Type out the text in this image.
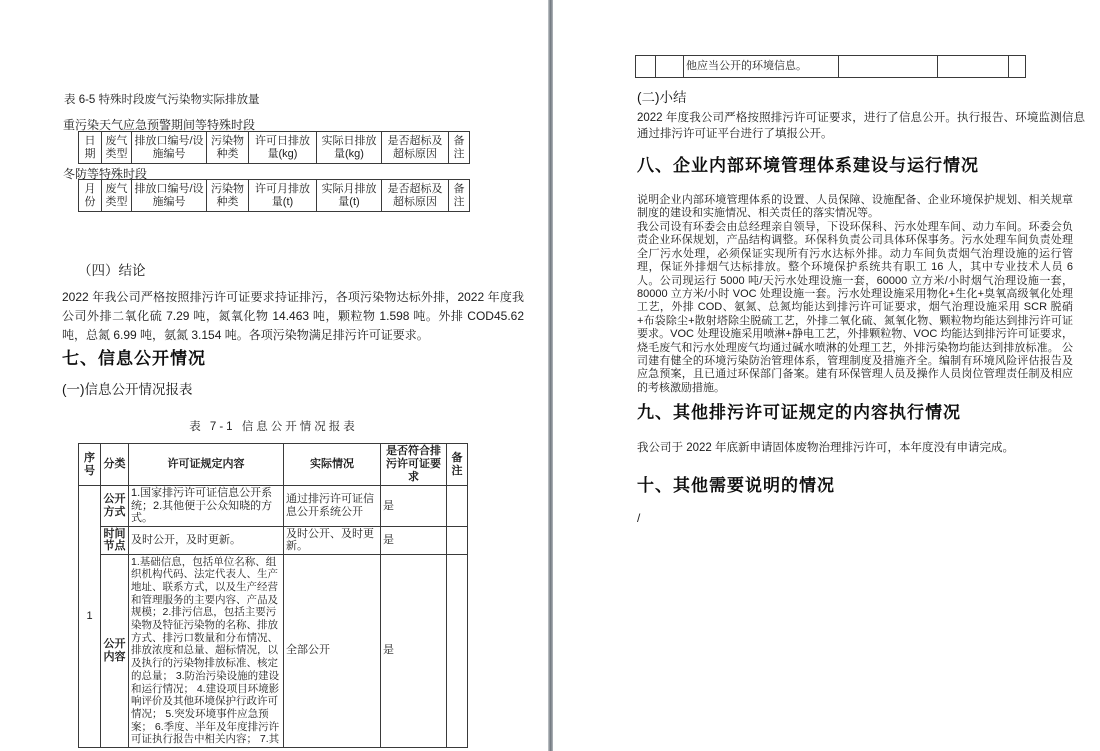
表 6-5 特殊时段废气污染物实际排放量
重污染天气应急预警期间等特殊时段
日期	废气类型	排放口编号/设施编号	污染物种类	许可日排放量(kg)	实际日排放量(kg)	是否超标及超标原因	备注
冬防等特殊时段
月份	废气类型	排放口编号/设施编号	污染物种类	许可月排放量(t)	实际月排放量(t)	是否超标及超标原因	备注
（四）结论
2022 年我公司严格按照排污许可证要求持证排污，各项污染物达标外排，2022 年度我公司外排二氧化硫 7.29 吨，氮氧化物 14.463 吨，颗粒物 1.598 吨。外排 COD45.62 吨，总氮 6.99 吨，氨氮 3.154 吨。各项污染物满足排污许可证要求。
七、信息公开情况
(一)信息公开情况报表
表 7-1 信息公开情况报表
序号	分类	许可证规定内容	实际情况	是否符合排污许可证要求	备注
1	公开方式	1.国家排污许可证信息公开系统；2.其他便于公众知晓的方式。	通过排污许可证信息公开系统公开	是	
	时间节点	及时公开，及时更新。	及时公开、及时更新。	是	
	公开内容	1.基础信息，包括单位名称、组织机构代码、法定代表人、生产地址、联系方式，以及生产经营和管理服务的主要内容、产品及规模；2.排污信息，包括主要污染物及特征污染物的名称、排放方式、排污口数量和分布情况、排放浓度和总量、超标情况，以及执行的污染物排放标准、核定的总量； 3.防治污染设施的建设和运行情况； 4.建设项目环境影响评价及其他环境保护行政许可情况； 5.突发环境事件应急预案； 6.季度、半年及年度排污许可证执行报告中相关内容； 7.其	全部公开	是	
		他应当公开的环境信息。			
(二)小结
2022 年度我公司严格按照排污许可证要求，进行了信息公开。执行报告、环境监测信息通过排污许可证平台进行了填报公开。
八、企业内部环境管理体系建设与运行情况
说明企业内部环境管理体系的设置、人员保障、设施配备、企业环境保护规划、相关规章制度的建设和实施情况、相关责任的落实情况等。
我公司设有环委会由总经理亲自领导，下设环保科、污水处理车间、动力车间。环委会负责企业环保规划，产品结构调整。环保科负责公司具体环保事务。污水处理车间负责处理全厂污水处理，必须保证实现所有污水达标外排。动力车间负责烟气治理设施的运行管理，保证外排烟气达标排放。整个环境保护系统共有职工 16 人，其中专业技术人员 6 人。公司现运行 5000 吨/天污水处理设施一套，60000 立方米/小时烟气治理设施一套，80000 立方米/小时 VOC 处理设施一套。污水处理设施采用物化+生化+臭氧高级氧化处理工艺，外排 COD、氨氮、总氮均能达到排污许可证要求，烟气治理设施采用 SCR 脱硝+布袋除尘+散射塔除尘脱硫工艺，外排二氧化硫、氮氧化物、颗粒物均能达到排污许可证要求。VOC 处理设施采用喷淋+静电工艺，外排颗粒物、VOC 均能达到排污许可证要求，烧毛废气和污水处理废气均通过碱水喷淋的处理工艺，外排污染物均能达到排放标准。 公司建有健全的环境污染防治管理体系，管理制度及措施齐全。编制有环境风险评估报告及应急预案，且已通过环保部门备案。建有环保管理人员及操作人员岗位管理责任制及相应的考核激励措施。
九、其他排污许可证规定的内容执行情况
我公司于 2022 年底新申请固体废物治理排污许可，本年度没有申请完成。
十、其他需要说明的情况
/
